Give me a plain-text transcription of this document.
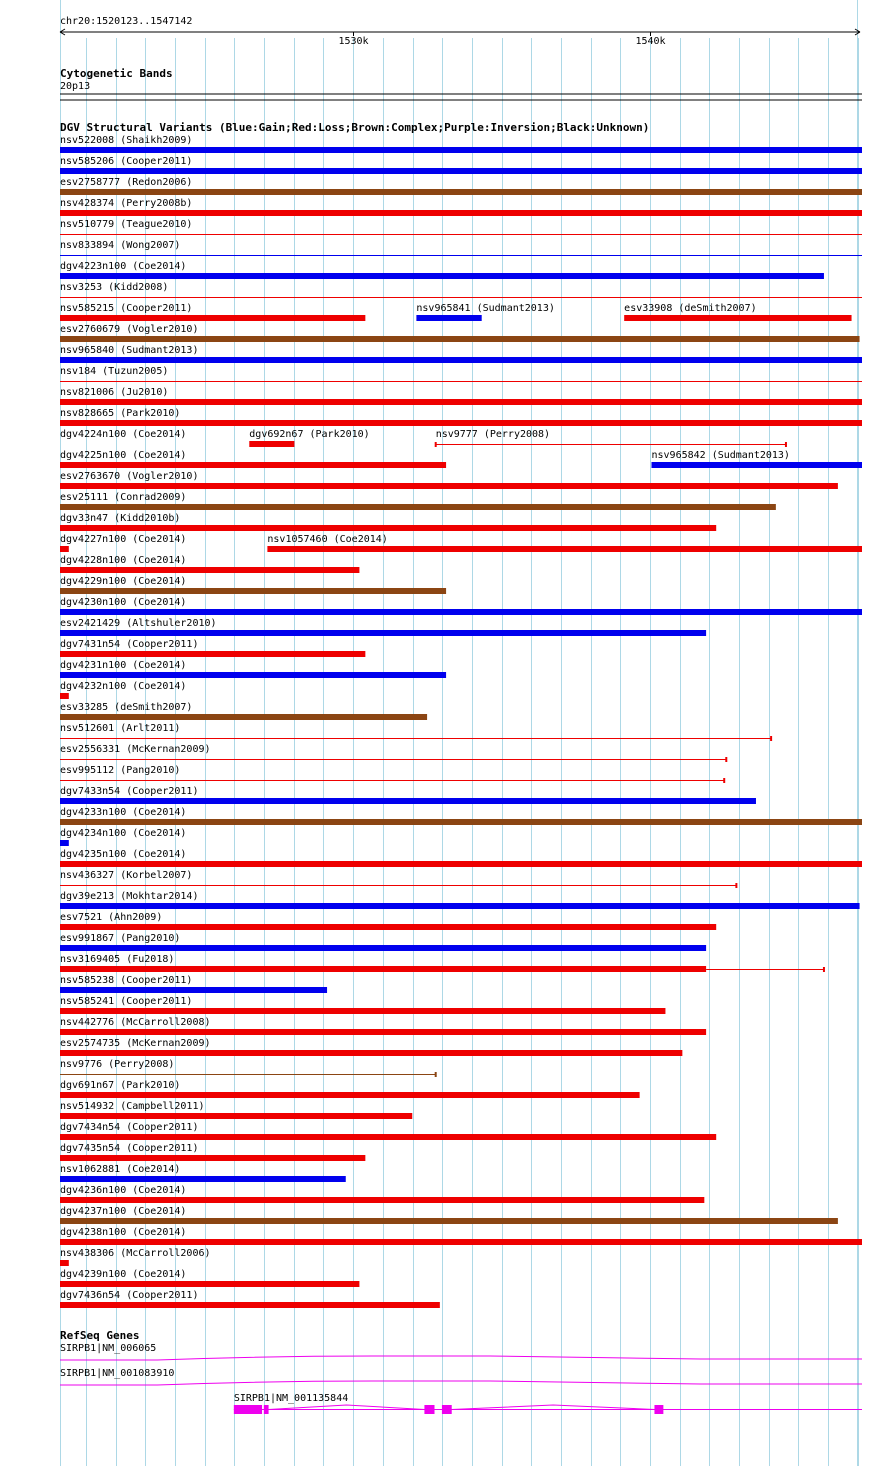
chr20:1520123..1547142
1530k	1540k
Cytogenetic Bands
20p13
DGV Structural Variants (Blue:Gain;Red:Loss;Brown:Complex;Purple:Inversion;Black:Unknown)
nsv522008 (Shaikh2009)
nsv585206 (Cooper2011)
esv2758777 (Redon2006)
nsv428374 (Perry2008b)
nsv510779 (Teague2010)
nsv833894 (Wong2007)
dgv4223n100 (Coe2014)
nsv3253 (Kidd2008)
nsv585215 (Cooper2011)	nsv965841 (Sudmant2013)	esv33908 (deSmith2007)
esv2760679 (Vogler2010)
nsv965840 (Sudmant2013)
nsv184 (Tuzun2005)
nsv821006 (Ju2010)
nsv828665 (Park2010)
dgv4224n100 (Coe2014)	dgv692n67 (Park2010)	nsv9777 (Perry2008)
dgv4225n100 (Coe2014)	nsv965842 (Sudmant2013)
esv2763670 (Vogler2010)
esv25111 (Conrad2009)
dgv33n47 (Kidd2010b)
dgv4227n100 (Coe2014)	nsv1057460 (Coe2014)
dgv4228n100 (Coe2014)
dgv4229n100 (Coe2014)
dgv4230n100 (Coe2014)
esv2421429 (Altshuler2010)
dgv7431n54 (Cooper2011)
dgv4231n100 (Coe2014)
dgv4232n100 (Coe2014)
esv33285 (deSmith2007)
nsv512601 (Arlt2011)
esv2556331 (McKernan2009)
esv995112 (Pang2010)
dgv7433n54 (Cooper2011)
dgv4233n100 (Coe2014)
dgv4234n100 (Coe2014)
dgv4235n100 (Coe2014)
nsv436327 (Korbel2007)
dgv39e213 (Mokhtar2014)
esv7521 (Ahn2009)
esv991867 (Pang2010)
nsv3169405 (Fu2018)
nsv585238 (Cooper2011)
nsv585241 (Cooper2011)
nsv442776 (McCarroll2008)
esv2574735 (McKernan2009)
nsv9776 (Perry2008)
dgv691n67 (Park2010)
nsv514932 (Campbell2011)
dgv7434n54 (Cooper2011)
dgv7435n54 (Cooper2011)
nsv1062881 (Coe2014)
dgv4236n100 (Coe2014)
dgv4237n100 (Coe2014)
dgv4238n100 (Coe2014)
nsv438306 (McCarroll2006)
dgv4239n100 (Coe2014)
dgv7436n54 (Cooper2011)
RefSeq Genes
SIRPB1|NM_006065
SIRPB1|NM_001083910
SIRPB1|NM_001135844
